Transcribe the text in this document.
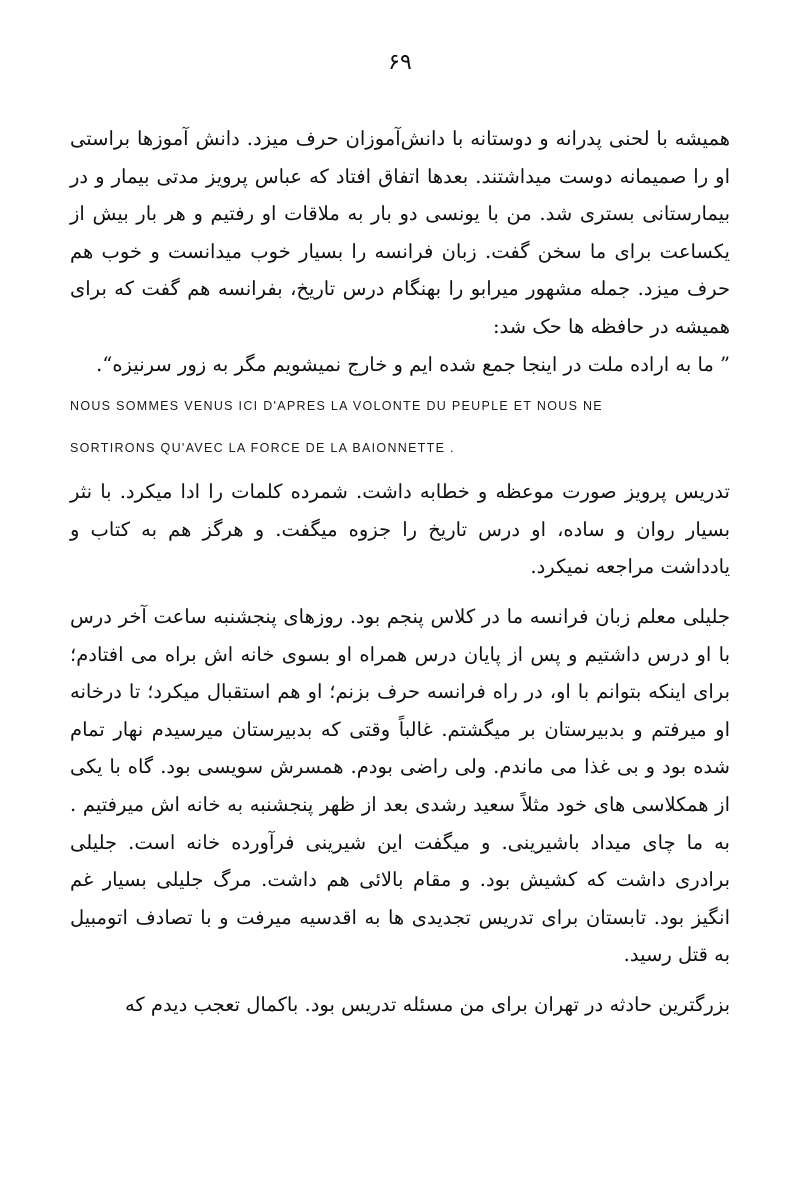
۶۹

همیشه با لحنی پدرانه و دوستانه با دانش‌آموزان حرف میزد. دانش آموزها براستی او را صمیمانه دوست میداشتند. بعدها اتفاق افتاد که عباس پرویز مدتی بیمار و در بیمارستانی بستری شد. من با یونسی دو بار به ملاقات او رفتیم و هر بار بیش از یکساعت برای ما سخن گفت. زبان فرانسه را بسیار خوب میدانست و خوب هم حرف میزد. جمله مشهور میرابو را بهنگام درس تاریخ، بفرانسه هم گفت که برای همیشه در حافظه ها حک شد:

” ما به اراده ملت در اینجا جمع شده ایم و خارج نمیشویم مگر به زور سرنیزه“.

NOUS SOMMES VENUS ICI D'APRES LA VOLONTE DU PEUPLE ET NOUS NE
SORTIRONS QU'AVEC LA FORCE DE LA BAIONNETTE .

تدریس پرویز صورت موعظه و خطابه داشت. شمرده کلمات را ادا میکرد. با نثر بسیار روان و ساده، او درس تاریخ را جزوه میگفت. و هرگز هم به کتاب و یادداشت مراجعه نمیکرد.

جلیلی معلم زبان فرانسه ما در کلاس پنجم بود. روزهای پنجشنبه ساعت آخر درس با او درس داشتیم و پس از پایان درس همراه او بسوی خانه اش براه می افتادم؛ برای اینکه بتوانم با او، در راه فرانسه حرف بزنم؛ او هم استقبال میکرد؛ تا درخانه او میرفتم و بدبیرستان بر میگشتم. غالباً وقتی که بدبیرستان میرسیدم نهار تمام شده بود و بی غذا می ماندم. ولی راضی بودم. همسرش سویسی بود. گاه با یکی از همکلاسی های خود مثلاً سعید رشدی بعد از ظهر پنجشنبه به خانه اش میرفتیم . به ما چای میداد باشیرینی. و میگفت این شیرینی فرآورده خانه است. جلیلی برادری داشت که کشیش بود. و مقام بالائی هم داشت. مرگ جلیلی بسیار غم انگیز بود. تابستان برای تدریس تجدیدی ها به اقدسیه میرفت و با تصادف اتومبیل به قتل رسید.

بزرگترین حادثه در تهران برای من مسئله تدریس بود. باکمال تعجب دیدم که
